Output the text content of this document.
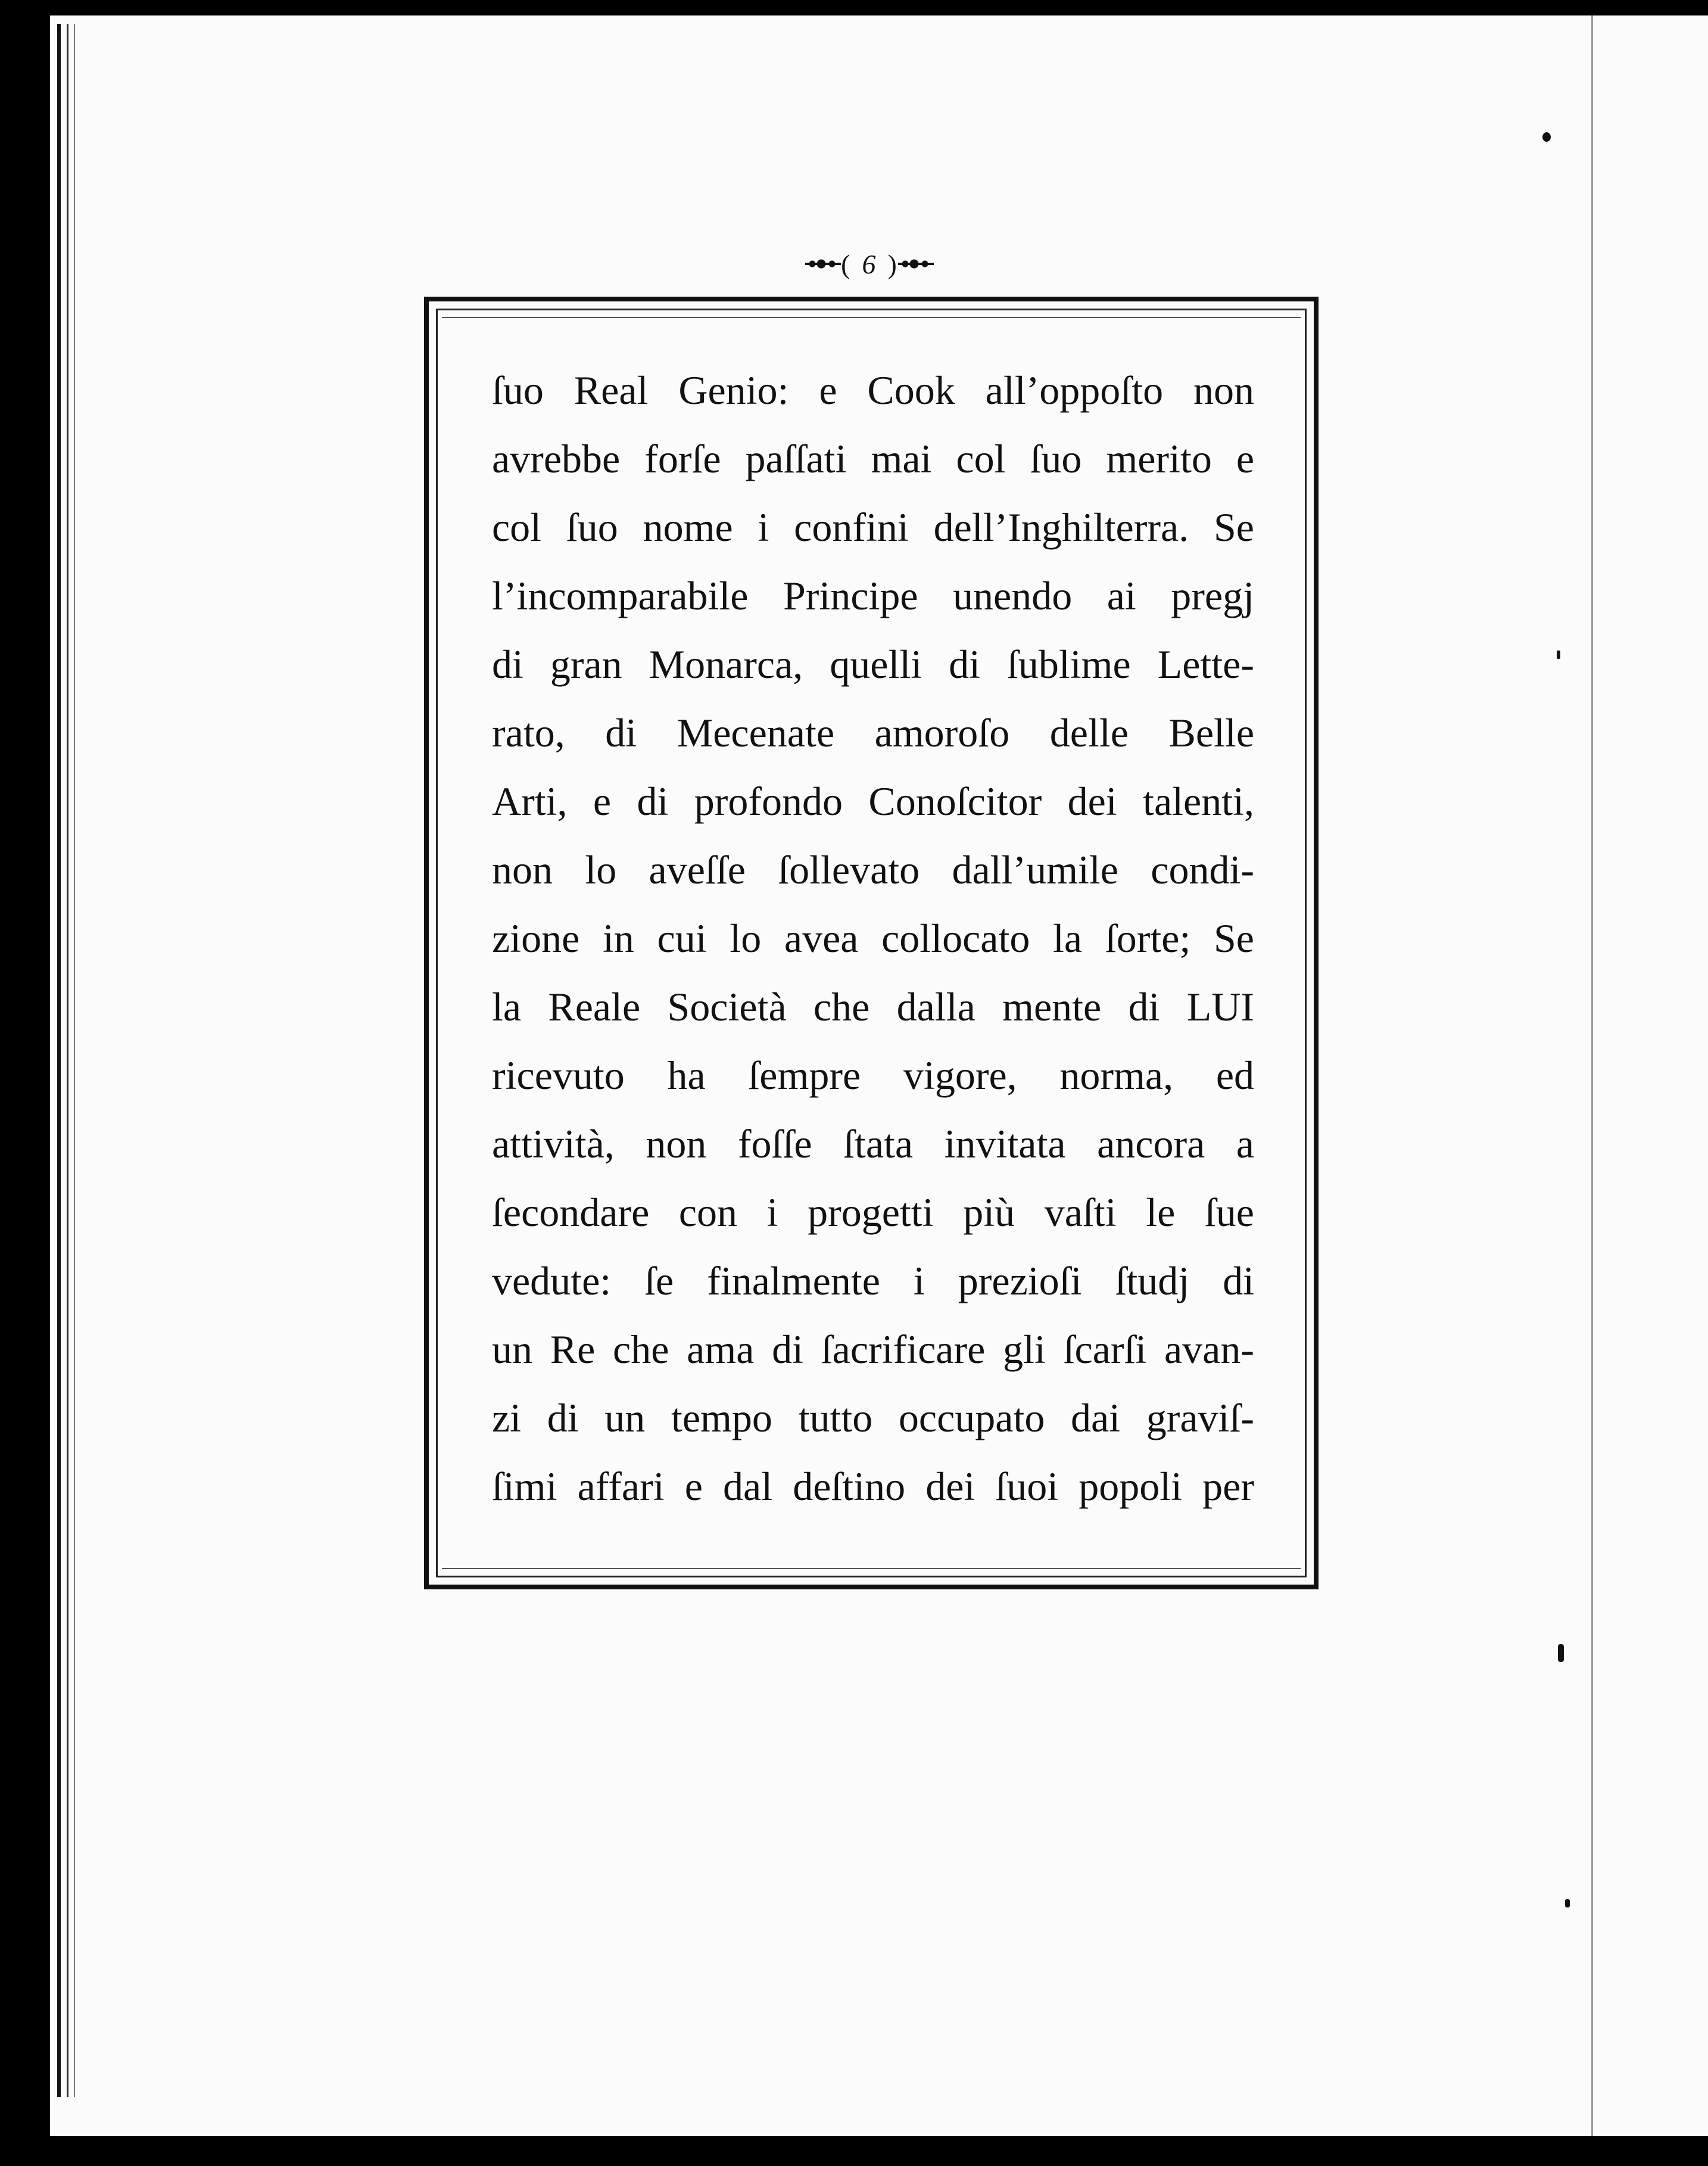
( 6 )
ſuo Real Genio: e Cook all’oppoſto non
avrebbe forſe paſſati mai col ſuo merito e
col ſuo nome i confini dell’Inghilterra. Se
l’incomparabile Principe unendo ai pregj
di gran Monarca, quelli di ſublime Lette-
rato, di Mecenate amoroſo delle Belle
Arti, e di profondo Conoſcitor dei talenti,
non lo aveſſe ſollevato dall’umile condi-
zione in cui lo avea collocato la ſorte; Se
la Reale Società che dalla mente di LUI
ricevuto ha ſempre vigore, norma, ed
attività, non foſſe ſtata invitata ancora a
ſecondare con i progetti più vaſti le ſue
vedute: ſe finalmente i prezioſi ſtudj di
un Re che ama di ſacrificare gli ſcarſi avan-
zi di un tempo tutto occupato dai graviſ-
ſimi affari e dal deſtino dei ſuoi popoli per
